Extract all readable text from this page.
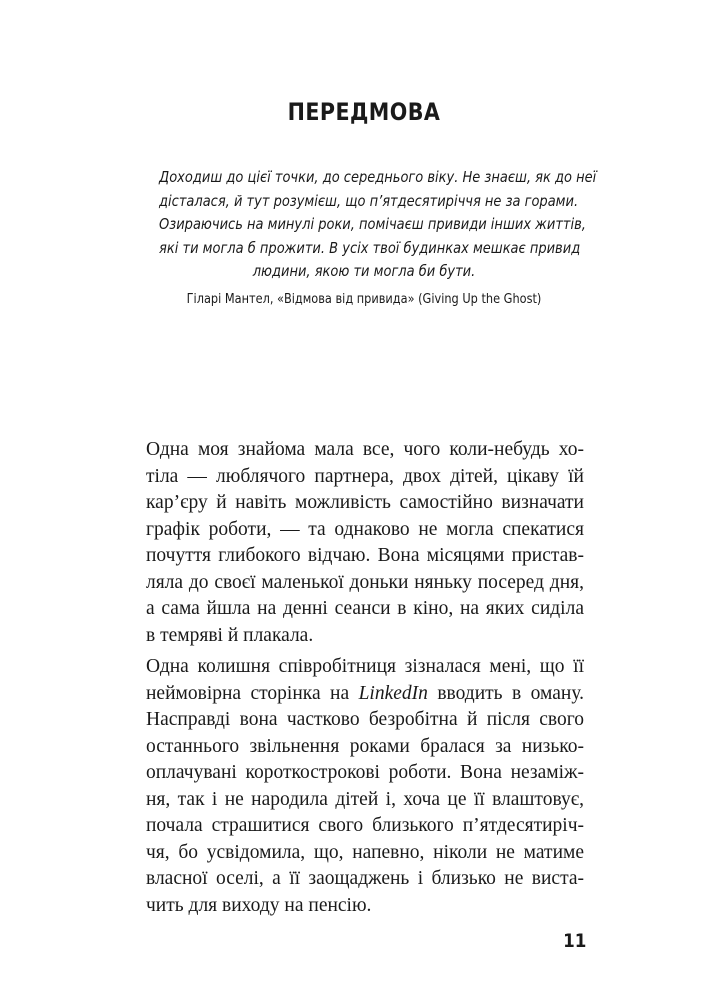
ПЕРЕДМОВА
Доходиш до цієї точки, до середнього віку. Не знаєш, як до неї
дісталася, й тут розумієш, що п’ятдесятиріччя не за горами.
Озираючись на минулі роки, помічаєш привиди інших життів,
які ти могла б прожити. В усіх твої будинках мешкає привид
людини, якою ти могла би бути.
Гіларі Мантел, «Відмова від привида» (Giving Up the Ghost)
Одна моя знайома мала все, чого коли-небудь хо-
тіла — люблячого партнера, двох дітей, цікаву їй
кар’єру й навіть можливість самостійно визначати
графік роботи, — та однаково не могла спекатися
почуття глибокого відчаю. Вона місяцями пристав-
ляла до своєї маленької доньки няньку посеред дня,
а сама йшла на денні сеанси в кіно, на яких сиділа
в темряві й плакала.
Одна колишня співробітниця зізналася мені, що її
неймовірна сторінка на LinkedIn вводить в оману.
Насправді вона частково безробітна й після свого
останнього звільнення роками бралася за низько-
оплачувані короткострокові роботи. Вона незаміж-
ня, так і не народила дітей і, хоча це її влаштовує,
почала страшитися свого близького п’ятдесятиріч-
чя, бо усвідомила, що, напевно, ніколи не матиме
власної оселі, а її заощаджень і близько не виста-
чить для виходу на пенсію.
11
